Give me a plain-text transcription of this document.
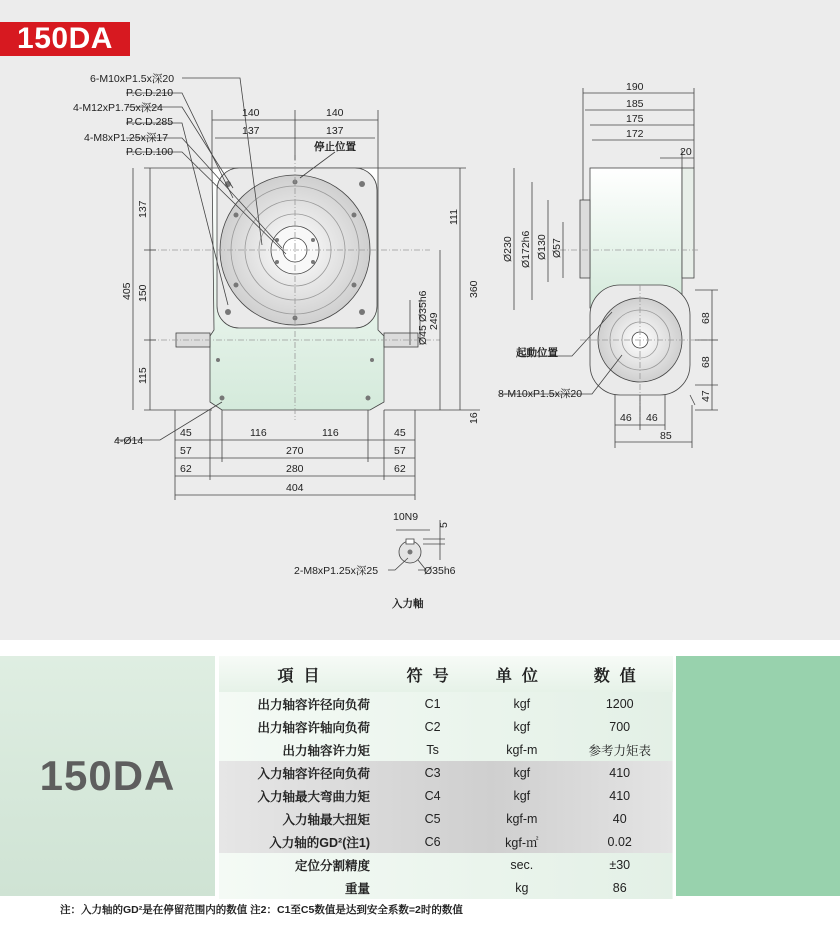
150DA
6-M10xP1.5x深20
P.C.D.210
4-M12xP1.75x深24
P.C.D.285
4-M8xP1.25x深17
P.C.D.100	停止位置
140	140
137	137
137
150
115
405
111
249
360
16
Ø35h6
Ø45
4-Ø14
45	116	116	45
57	270	57
62	280	62
404
190
185
175
172
20
Ø230 Ø172h6 Ø130 Ø57
起動位置
8-M10xP1.5x深20
68
68
47
46 46
85
10N9
5
2-M8xP1.25x深25	Ø35h6
入力軸
150DA
項目	符号	单位	数值
出力轴容许径向负荷	C1	kgf	1200
出力轴容许轴向负荷	C2	kgf	700
出力轴容许力矩	Ts	kgf-m	参考力矩表
入力轴容许径向负荷	C3	kgf	410
入力轴最大弯曲力矩	C4	kgf	410
入力轴最大扭矩	C5	kgf-m	40
入力轴的GD²(注1)	C6	kgf-㎡	0.02
定位分割精度		sec.	±30
重量		kg	86
注：入力轴的GD²是在停留范围内的数值 注2：C1至C5数值是达到安全系数=2时的数值
